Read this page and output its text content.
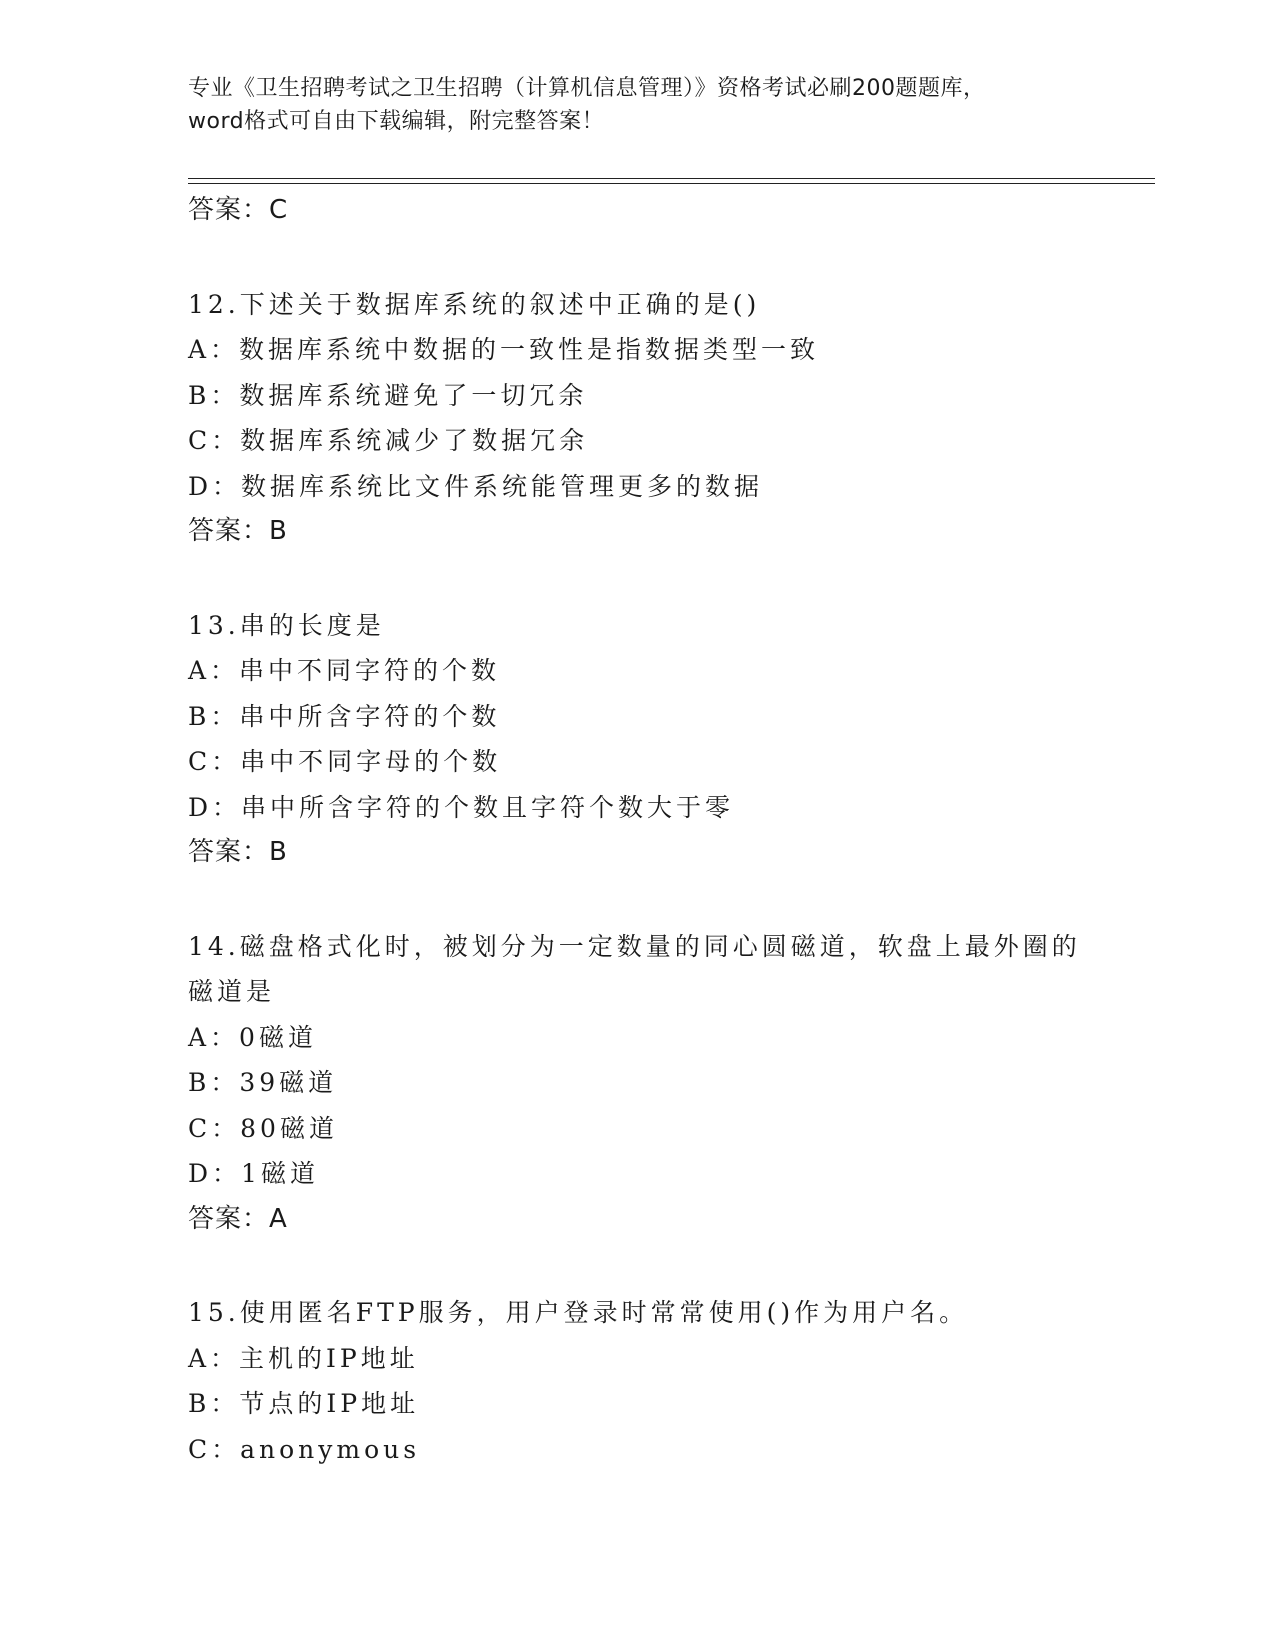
专业《卫生招聘考试之卫生招聘（计算机信息管理）》资格考试必刷200题题库，
word格式可自由下载编辑，附完整答案！
答案：C
12.下述关于数据库系统的叙述中正确的是()
A：数据库系统中数据的一致性是指数据类型一致
B：数据库系统避免了一切冗余
C：数据库系统减少了数据冗余
D：数据库系统比文件系统能管理更多的数据
答案：B
13.串的长度是
A：串中不同字符的个数
B：串中所含字符的个数
C：串中不同字母的个数
D：串中所含字符的个数且字符个数大于零
答案：B
14.磁盘格式化时，被划分为一定数量的同心圆磁道，软盘上最外圈的
磁道是
A：0磁道
B：39磁道
C：80磁道
D：1磁道
答案：A
15.使用匿名FTP服务，用户登录时常常使用()作为用户名。
A：主机的IP地址
B：节点的IP地址
C：anonymous
